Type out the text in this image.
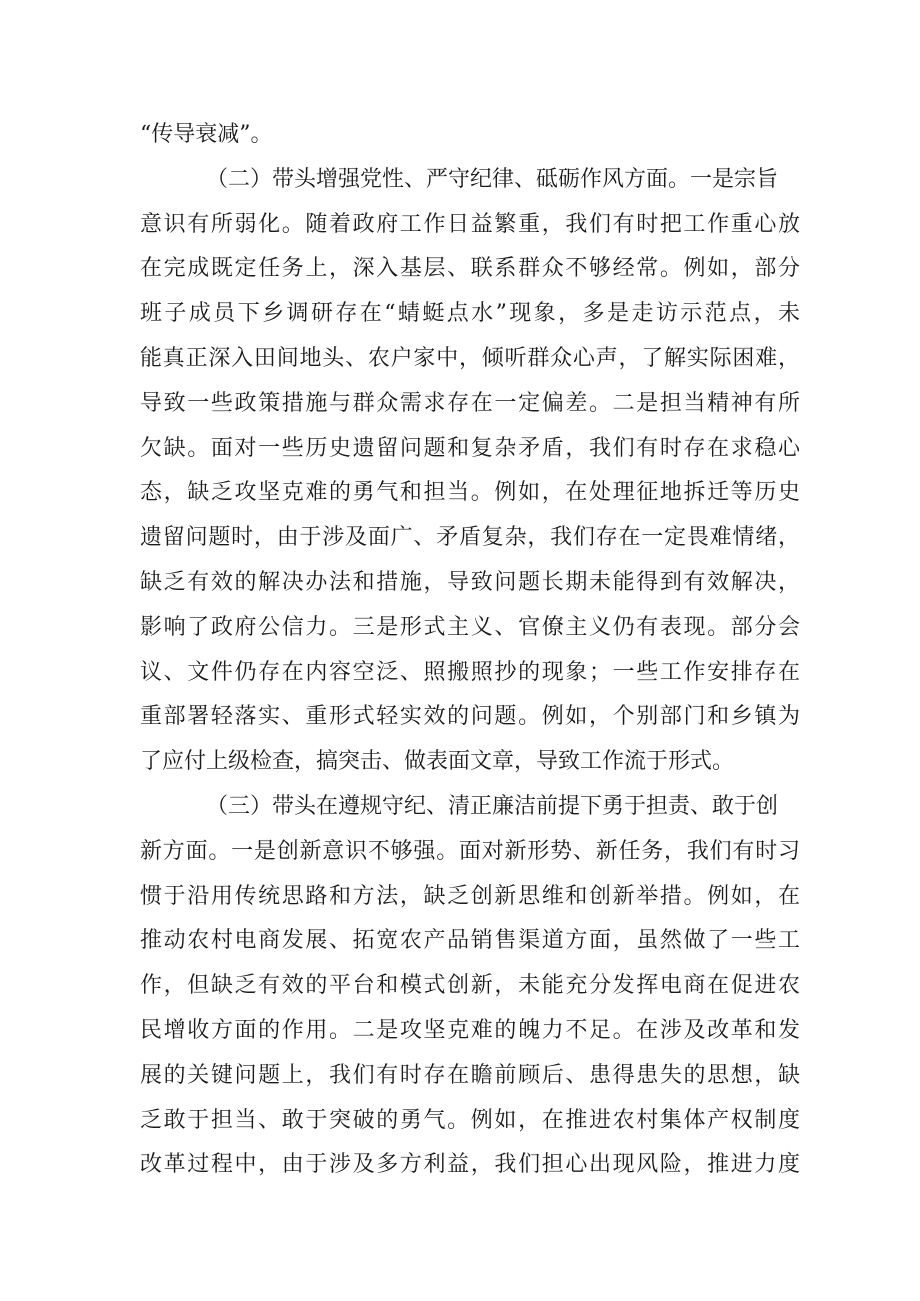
“传导衰减”。
（二）带头增强党性、严守纪律、砥砺作风方面。一是宗旨
意识有所弱化。随着政府工作日益繁重，我们有时把工作重心放
在完成既定任务上，深入基层、联系群众不够经常。例如，部分
班子成员下乡调研存在“蜻蜓点水”现象，多是走访示范点，未
能真正深入田间地头、农户家中，倾听群众心声，了解实际困难，
导致一些政策措施与群众需求存在一定偏差。二是担当精神有所
欠缺。面对一些历史遗留问题和复杂矛盾，我们有时存在求稳心
态，缺乏攻坚克难的勇气和担当。例如，在处理征地拆迁等历史
遗留问题时，由于涉及面广、矛盾复杂，我们存在一定畏难情绪，
缺乏有效的解决办法和措施，导致问题长期未能得到有效解决，
影响了政府公信力。三是形式主义、官僚主义仍有表现。部分会
议、文件仍存在内容空泛、照搬照抄的现象；一些工作安排存在
重部署轻落实、重形式轻实效的问题。例如，个别部门和乡镇为
了应付上级检查，搞突击、做表面文章，导致工作流于形式。
（三）带头在遵规守纪、清正廉洁前提下勇于担责、敢于创
新方面。一是创新意识不够强。面对新形势、新任务，我们有时习
惯于沿用传统思路和方法，缺乏创新思维和创新举措。例如，在
推动农村电商发展、拓宽农产品销售渠道方面，虽然做了一些工
作，但缺乏有效的平台和模式创新，未能充分发挥电商在促进农
民增收方面的作用。二是攻坚克难的魄力不足。在涉及改革和发
展的关键问题上，我们有时存在瞻前顾后、患得患失的思想，缺
乏敢于担当、敢于突破的勇气。例如，在推进农村集体产权制度
改革过程中，由于涉及多方利益，我们担心出现风险，推进力度
